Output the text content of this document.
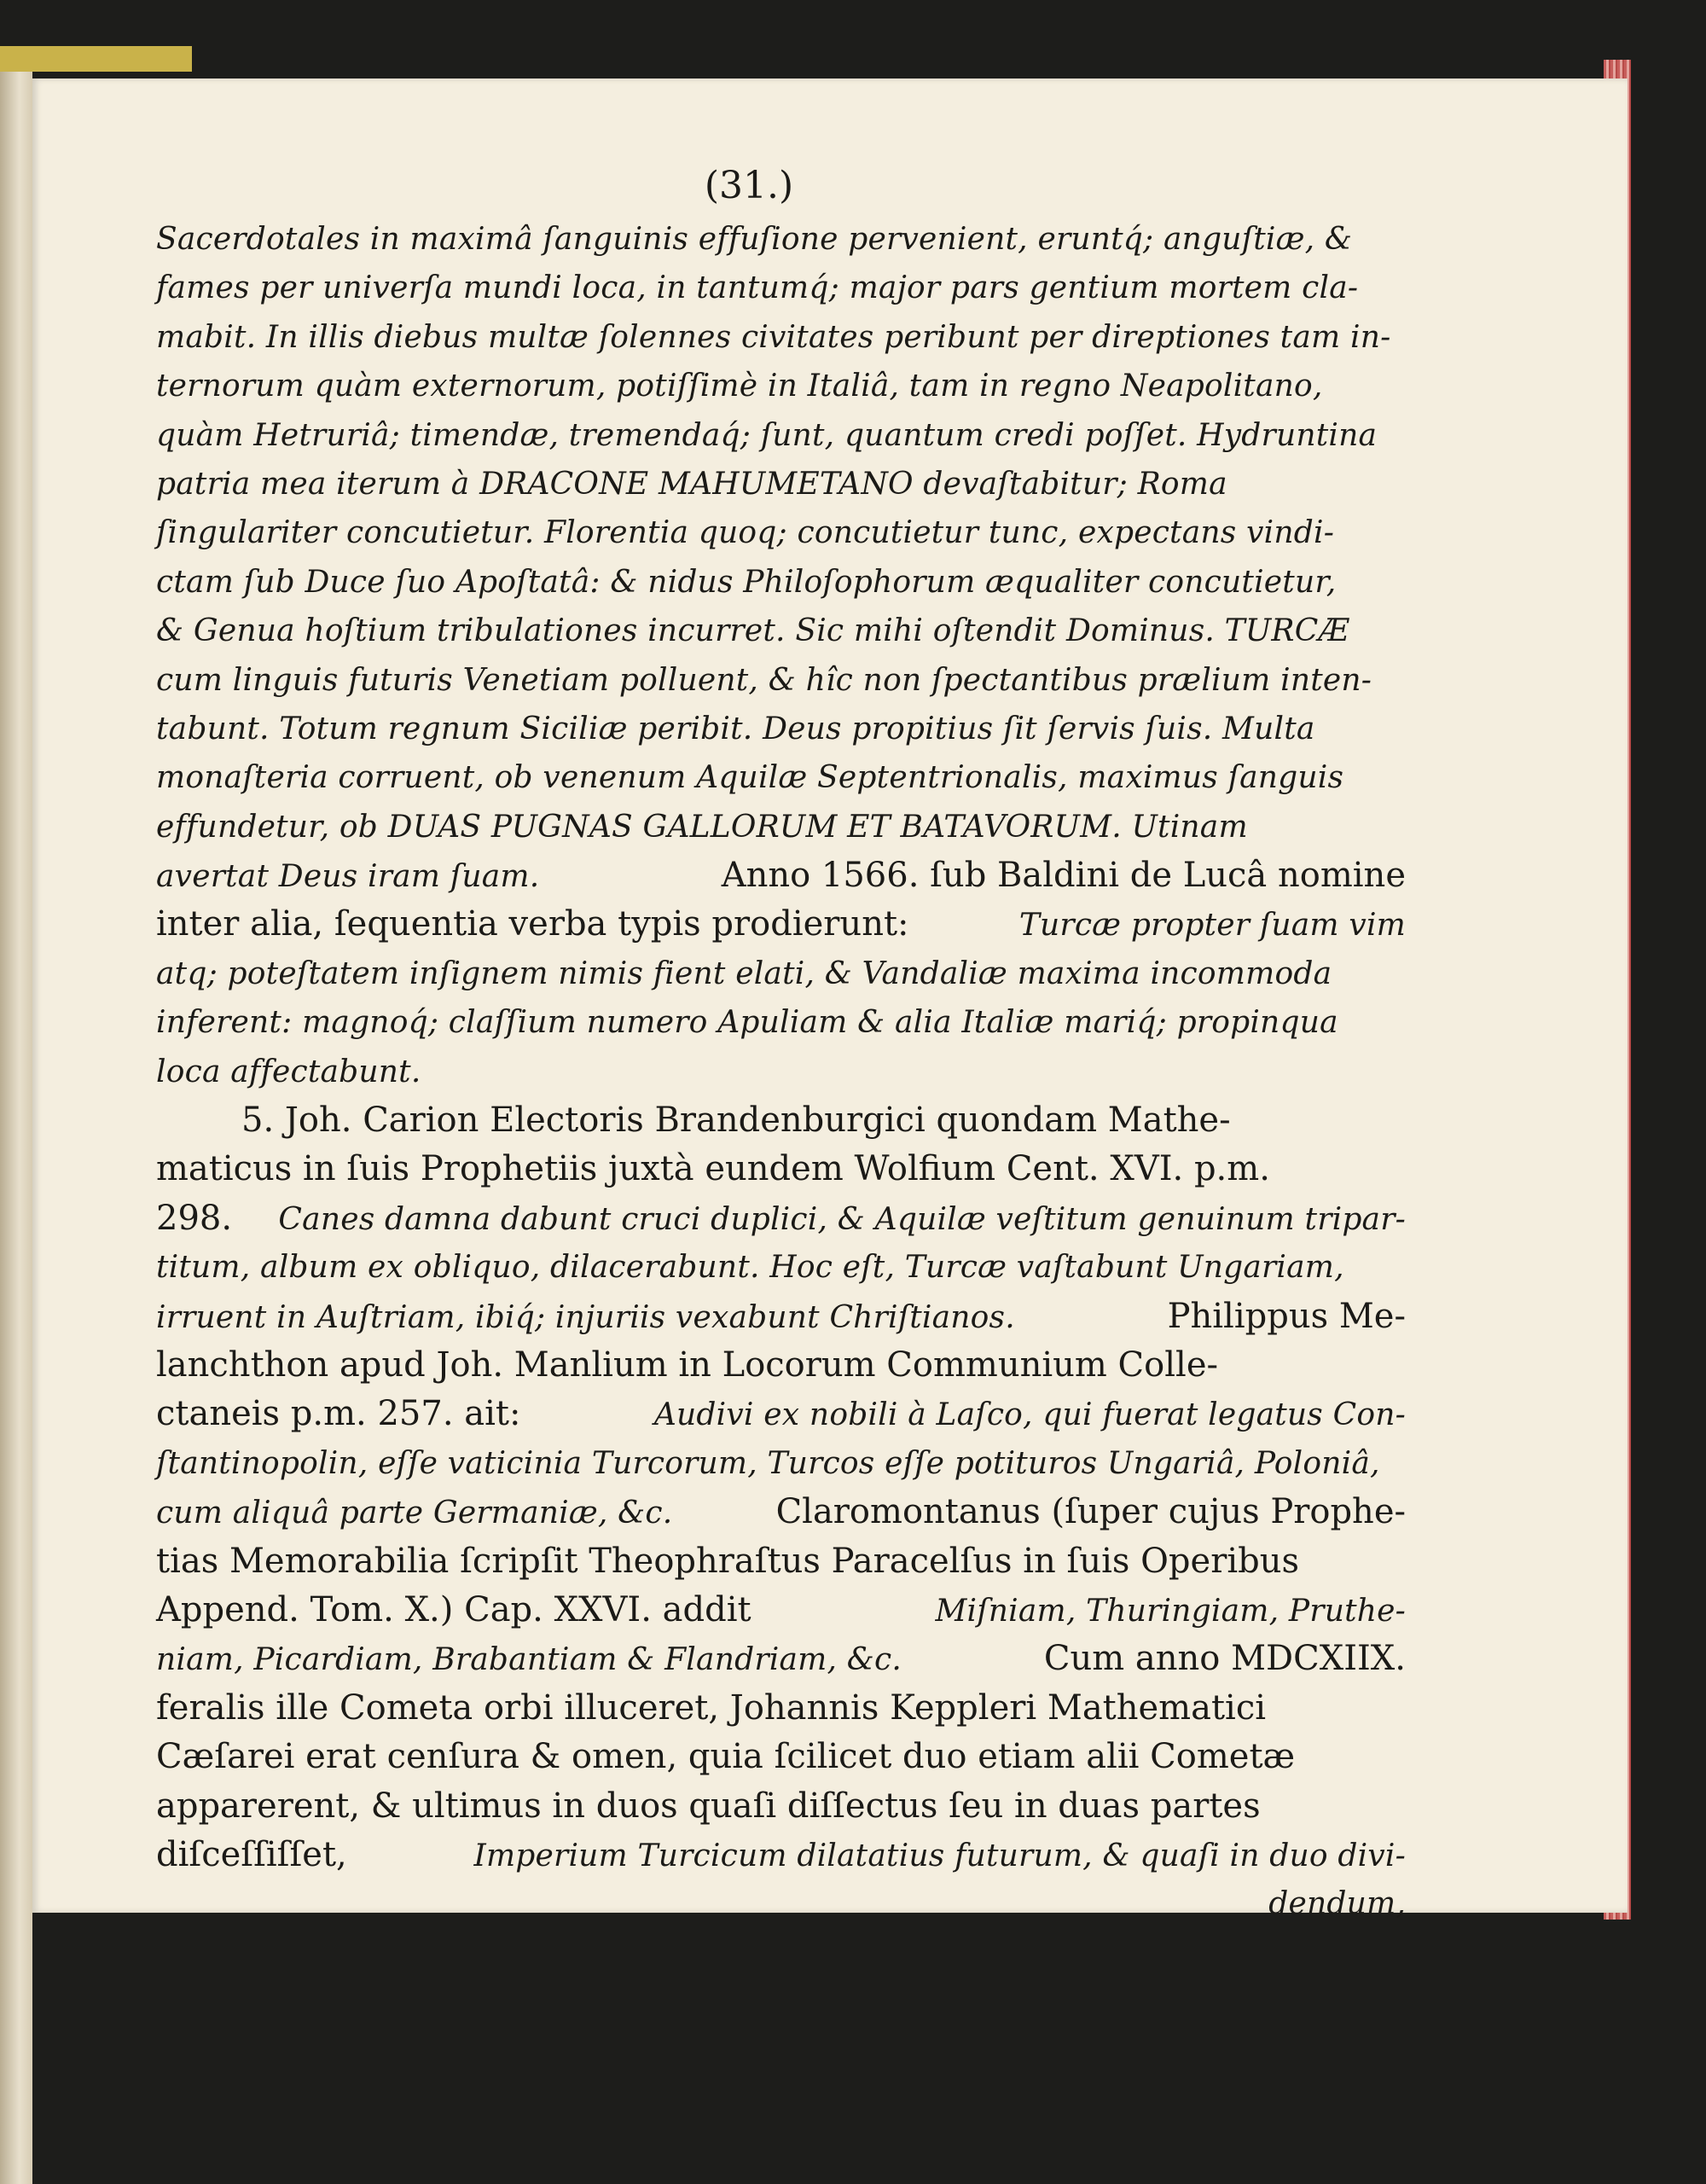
(31.)
Sacerdotales in maximâ ſanguinis effuſione pervenient, eruntq́; anguſtiæ, &
fames per univerſa mundi loca, in tantumq́; major pars gentium mortem cla-
mabit. In illis diebus multæ ſolennes civitates peribunt per direptiones tam in-
ternorum quàm externorum, potiſſimè in Italiâ, tam in regno Neapolitano,
quàm Hetruriâ; timendæ, tremendaq́; ſunt, quantum credi poſſet. Hydruntina
patria mea iterum à DRACONE MAHUMETANO devaſtabitur; Roma
ſingulariter concutietur. Florentia quoq; concutietur tunc, expectans vindi-
ctam ſub Duce ſuo Apoſtatâ: & nidus Philoſophorum æqualiter concutietur,
& Genua hoſtium tribulationes incurret. Sic mihi oſtendit Dominus. TURCÆ
cum linguis futuris Venetiam polluent, & hîc non ſpectantibus prælium inten-
tabunt. Totum regnum Siciliæ peribit. Deus propitius ſit ſervis ſuis. Multa
monaſteria corruent, ob venenum Aquilæ Septentrionalis, maximus ſanguis
effundetur, ob DUAS PUGNAS GALLORUM ET BATAVORUM. Utinam
avertat Deus iram ſuam.	Anno 1566. ſub Baldini de Lucâ nomine
inter alia, ſequentia verba typis prodierunt:	Turcæ propter ſuam vim
atq; poteſtatem inſignem nimis fient elati, & Vandaliæ maxima incommoda
inferent: magnoq́; claſſium numero Apuliam & alia Italiæ mariq́; propinqua
loca affectabunt.
5. Joh. Carion Electoris Brandenburgici quondam Mathe-
maticus in ſuis Prophetiis juxtà eundem Wolfium Cent. XVI. p.m.
298. Canes damna dabunt cruci duplici, & Aquilæ veſtitum genuinum tripar-
titum, album ex obliquo, dilacerabunt. Hoc eſt, Turcæ vaſtabunt Ungariam,
irruent in Auſtriam, ibiq́; injuriis vexabunt Chriſtianos.	Philippus Me-
lanchthon apud Joh. Manlium in Locorum Communium Colle-
ctaneis p.m. 257. ait:	Audivi ex nobili à Laſco, qui fuerat legatus Con-
ſtantinopolin, eſſe vaticinia Turcorum, Turcos eſſe potituros Ungariâ, Poloniâ,
cum aliquâ parte Germaniæ, &c.	Claromontanus (ſuper cujus Prophe-
tias Memorabilia ſcripſit Theophraſtus Paracelſus in ſuis Operibus
Append. Tom. X.) Cap. XXVI. addit	Miſniam, Thuringiam, Pruthe-
niam, Picardiam, Brabantiam & Flandriam, &c.	Cum anno MDCXIIX.
feralis ille Cometa orbi illuceret, Johannis Keppleri Mathematici
Cæſarei erat cenſura & omen, quia ſcilicet duo etiam alii Cometæ
apparerent, & ultimus in duos quaſi diſſectus ſeu in duas partes
diſceſſiſſet,	Imperium Turcicum dilatatius futurum, & quaſi in duo divi-
dendum,
